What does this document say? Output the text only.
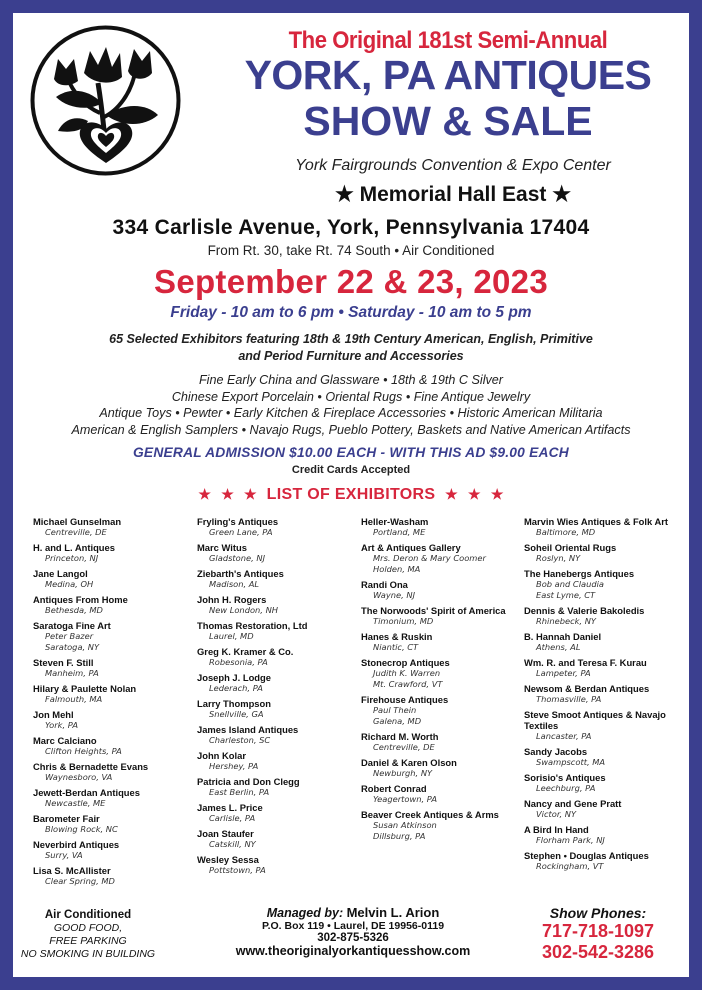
The Original 181st Semi-Annual
YORK, PA ANTIQUES
SHOW & SALE
York Fairgrounds Convention & Expo Center
★ Memorial Hall East ★
334 Carlisle Avenue, York, Pennsylvania 17404
From Rt. 30, take Rt. 74 South • Air Conditioned
September 22 & 23, 2023
Friday - 10 am to 6 pm • Saturday - 10 am to 5 pm
65 Selected Exhibitors featuring 18th & 19th Century American, English, Primitive
and Period Furniture and Accessories
Fine Early China and Glassware • 18th & 19th C Silver
Chinese Export Porcelain • Oriental Rugs • Fine Antique Jewelry
Antique Toys • Pewter • Early Kitchen & Fireplace Accessories • Historic American Militaria
American & English Samplers • Navajo Rugs, Pueblo Pottery, Baskets and Native American Artifacts
GENERAL ADMISSION $10.00 EACH - WITH THIS AD $9.00 EACH
Credit Cards Accepted
★ ★ ★ LIST OF EXHIBITORS ★ ★ ★
Michael Gunselman
Centreville, DE
H. and L. Antiques
Princeton, NJ
Jane Langol
Medina, OH
Antiques From Home
Bethesda, MD
Saratoga Fine Art
Peter Bazer
Saratoga, NY
Steven F. Still
Manheim, PA
Hilary & Paulette Nolan
Falmouth, MA
Jon Mehl
York, PA
Marc Calciano
Clifton Heights, PA
Chris & Bernadette Evans
Waynesboro, VA
Jewett-Berdan Antiques
Newcastle, ME
Barometer Fair
Blowing Rock, NC
Neverbird Antiques
Surry, VA
Lisa S. McAllister
Clear Spring, MD
Fryling's Antiques
Green Lane, PA
Marc Witus
Gladstone, NJ
Ziebarth's Antiques
Madison, AL
John H. Rogers
New London, NH
Thomas Restoration, Ltd
Laurel, MD
Greg K. Kramer & Co.
Robesonia, PA
Joseph J. Lodge
Lederach, PA
Larry Thompson
Snellville, GA
James Island Antiques
Charleston, SC
John Kolar
Hershey, PA
Patricia and Don Clegg
East Berlin, PA
James L. Price
Carlisle, PA
Joan Staufer
Catskill, NY
Wesley Sessa
Pottstown, PA
Heller-Washam
Portland, ME
Art & Antiques Gallery
Mrs. Deron & Mary Coomer
Holden, MA
Randi Ona
Wayne, NJ
The Norwoods' Spirit of America
Timonium, MD
Hanes & Ruskin
Niantic, CT
Stonecrop Antiques
Judith K. Warren
Mt. Crawford, VT
Firehouse Antiques
Paul Thein
Galena, MD
Richard M. Worth
Centreville, DE
Daniel & Karen Olson
Newburgh, NY
Robert Conrad
Yeagertown, PA
Beaver Creek Antiques & Arms
Susan Atkinson
Dillsburg, PA
Marvin Wies Antiques & Folk Art
Baltimore, MD
Soheil Oriental Rugs
Roslyn, NY
The Hanebergs Antiques
Bob and Claudia
East Lyme, CT
Dennis & Valerie Bakoledis
Rhinebeck, NY
B. Hannah Daniel
Athens, AL
Wm. R. and Teresa F. Kurau
Lampeter, PA
Newsom & Berdan Antiques
Thomasville, PA
Steve Smoot Antiques & Navajo Textiles
Lancaster, PA
Sandy Jacobs
Swampscott, MA
Sorisio's Antiques
Leechburg, PA
Nancy and Gene Pratt
Victor, NY
A Bird In Hand
Florham Park, NJ
Stephen • Douglas Antiques
Rockingham, VT
Air Conditioned
GOOD FOOD,
FREE PARKING
NO SMOKING IN BUILDING
Managed by: Melvin L. Arion
P.O. Box 119 • Laurel, DE 19956-0119
302-875-5326
www.theoriginalyorkantiquesshow.com
Show Phones:
717-718-1097
302-542-3286
